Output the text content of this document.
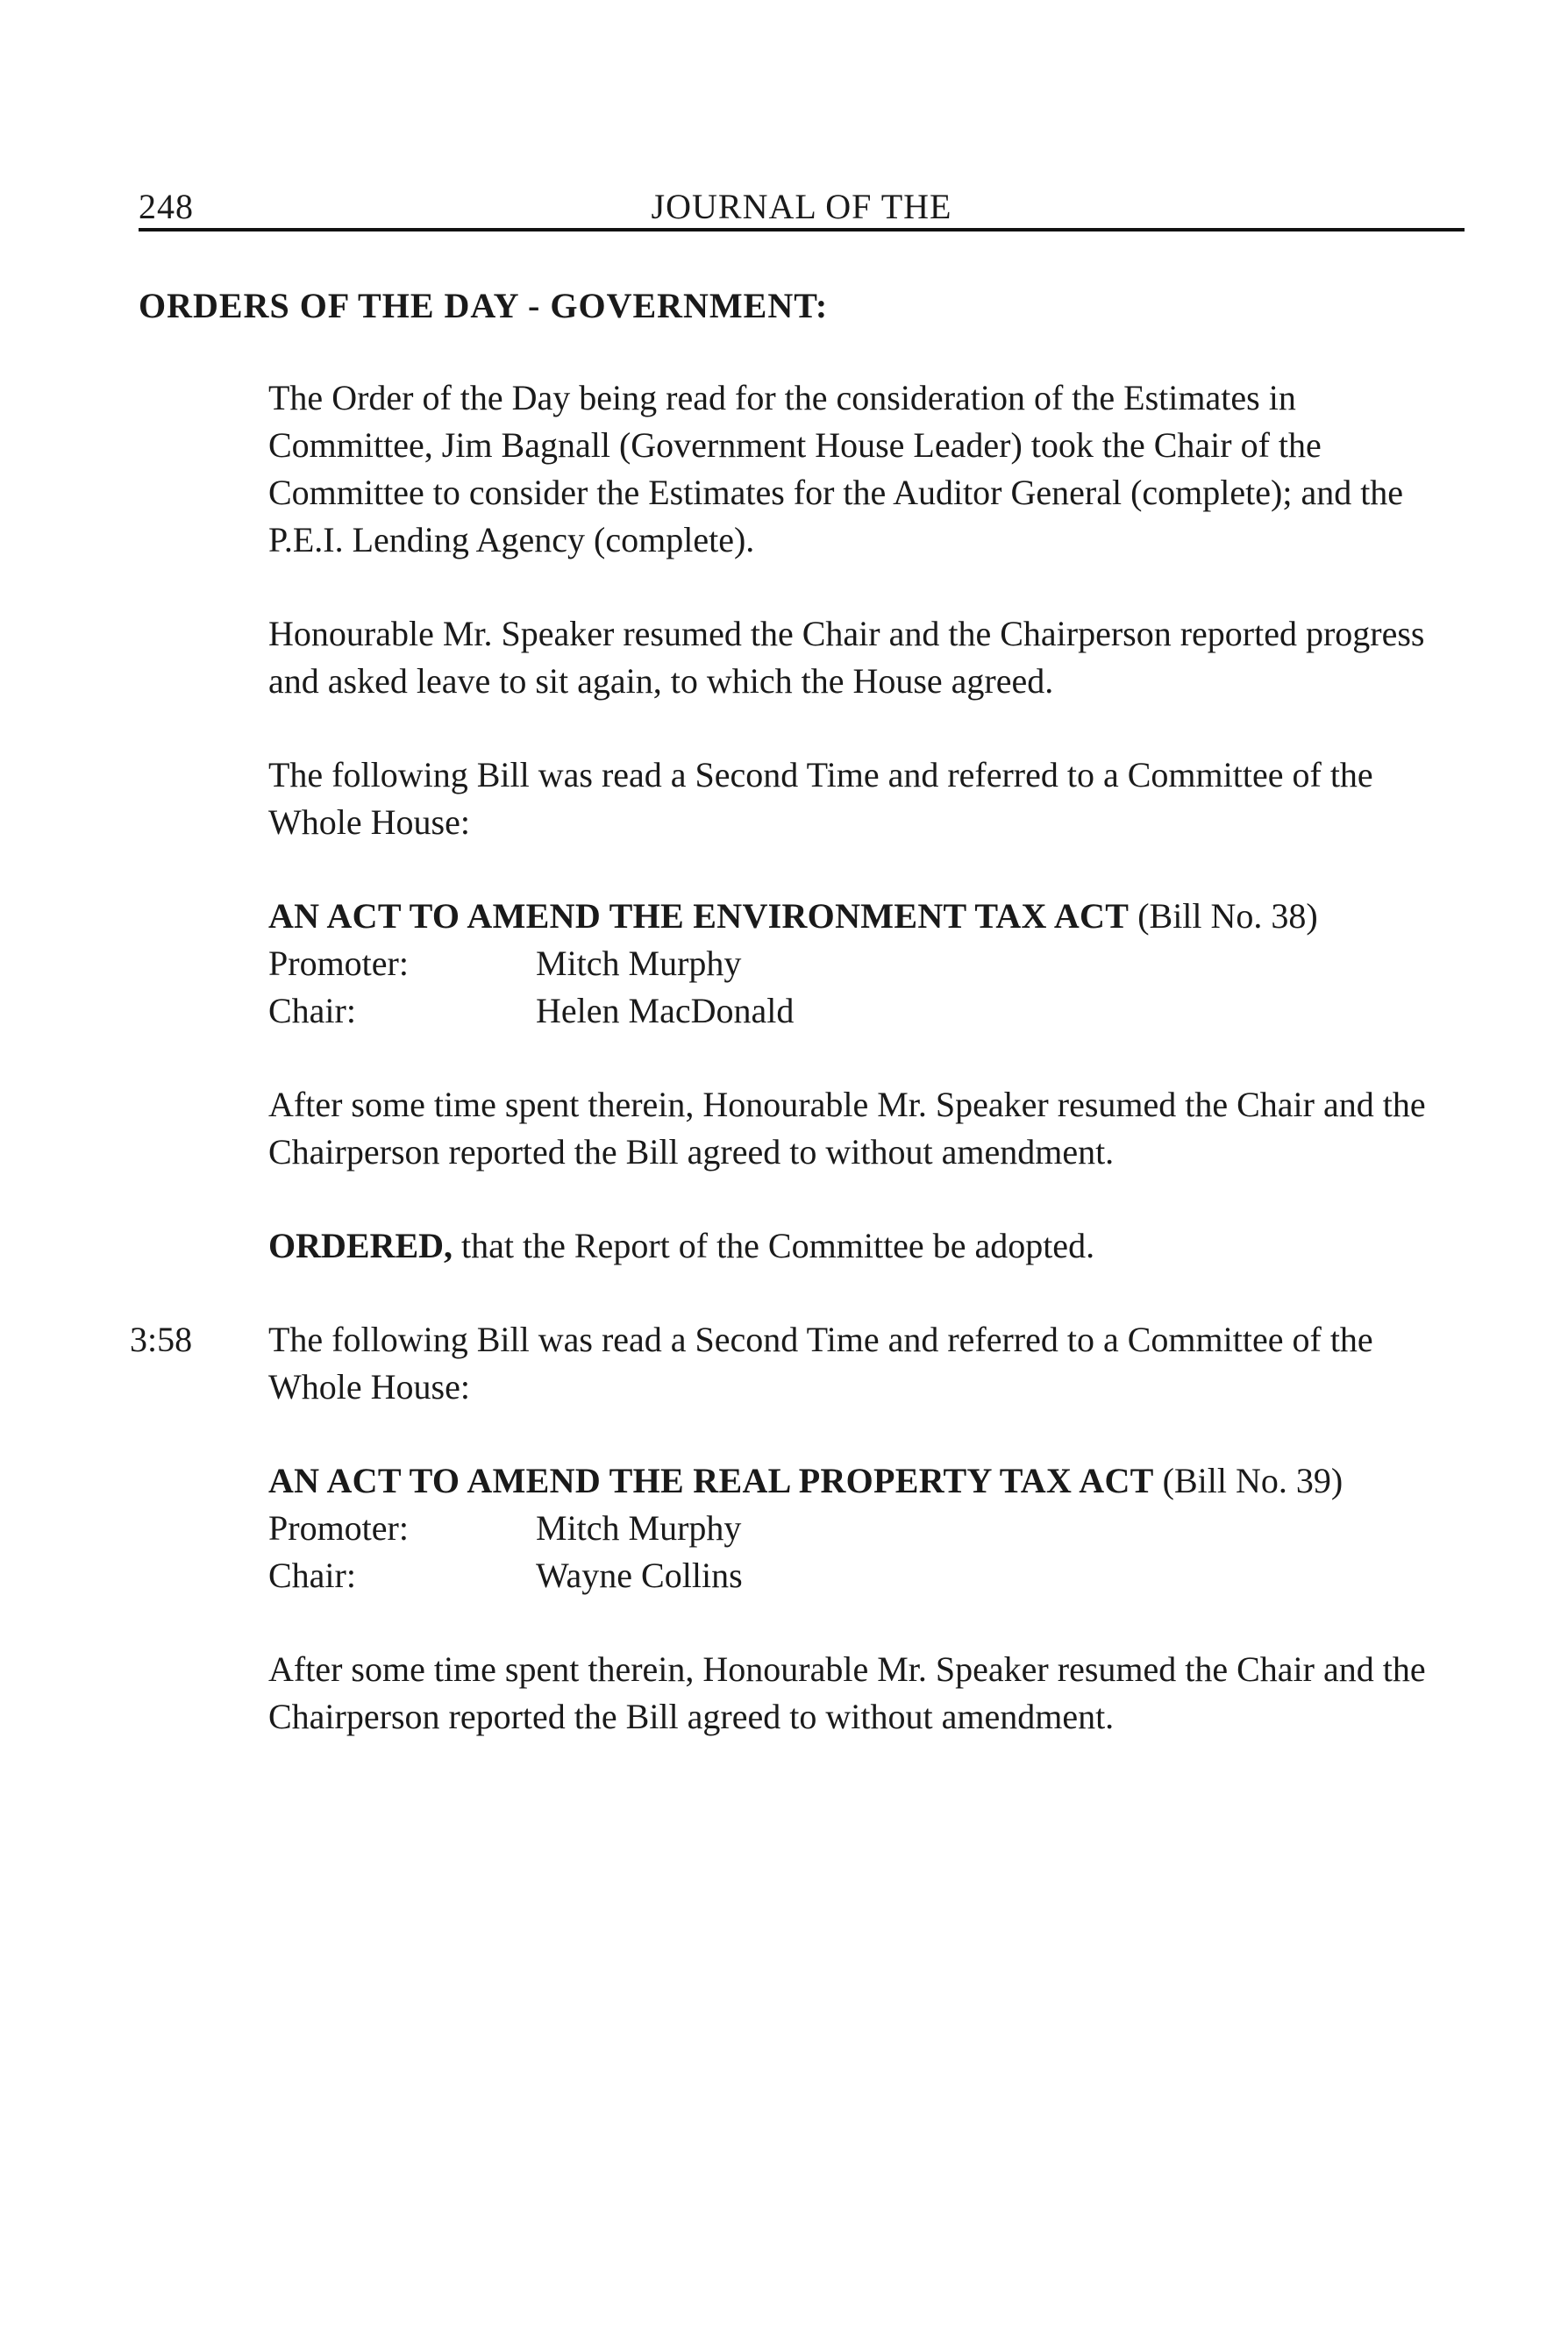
248	JOURNAL OF THE
ORDERS OF THE DAY - GOVERNMENT:

The Order of the Day being read for the consideration of the Estimates in Committee, Jim Bagnall (Government House Leader) took the Chair of the Committee to consider the Estimates for the Auditor General (complete); and the P.E.I. Lending Agency (complete).

Honourable Mr. Speaker resumed the Chair and the Chairperson reported progress and asked leave to sit again, to which the House agreed.

The following Bill was read a Second Time and referred to a Committee of the Whole House:

AN ACT TO AMEND THE ENVIRONMENT TAX ACT (Bill No. 38)
Promoter:	Mitch Murphy
Chair:	Helen MacDonald

After some time spent therein, Honourable Mr. Speaker resumed the Chair and the Chairperson reported the Bill agreed to without amendment.

ORDERED, that the Report of the Committee be adopted.

3:58 The following Bill was read a Second Time and referred to a Committee of the Whole House:
AN ACT TO AMEND THE REAL PROPERTY TAX ACT (Bill No. 39)
Promoter:	Mitch Murphy
Chair:	Wayne Collins

After some time spent therein, Honourable Mr. Speaker resumed the Chair and the Chairperson reported the Bill agreed to without amendment.
